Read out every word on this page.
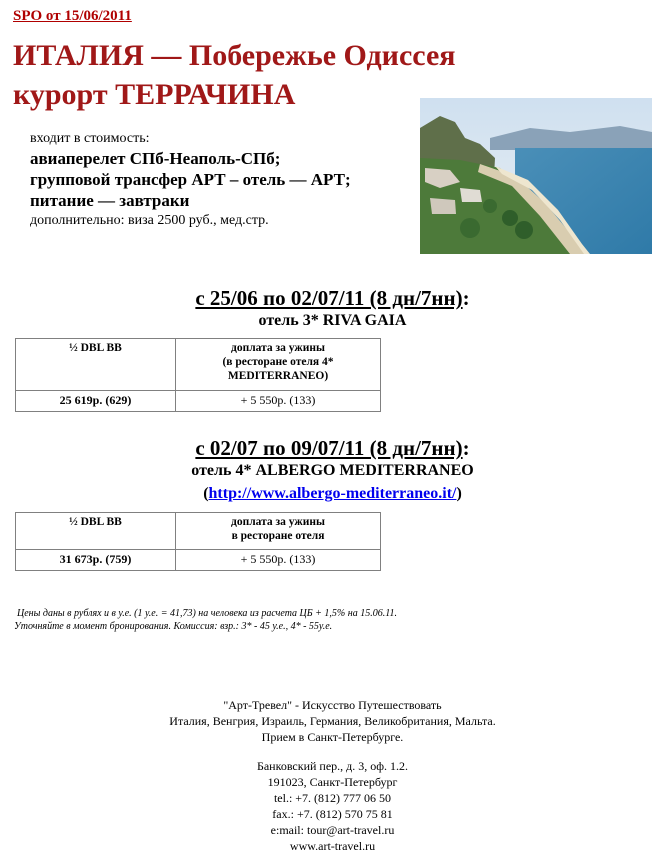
SPO от 15/06/2011
ИТАЛИЯ — Побережье Одиссея
курорт ТЕРРАЧИНА
входит в стоимость:
авиаперелет СПб-Неаполь-СПб;
групповой трансфер АРТ – отель — АРТ;
питание — завтраки
дополнительно: виза 2500 руб., мед.стр.
с 25/06 по 02/07/11 (8 дн/7нн):
отель 3* RIVA GAIA
½ DBL BB	доплата за ужины
(в ресторане отеля 4*
MEDITERRANEO)

25 619р. (629)	+ 5 550р. (133)
с 02/07 по 09/07/11 (8 дн/7нн):
отель 4* ALBERGO MEDITERRANEO
(http://www.albergo-mediterraneo.it/)
½ DBL BB	доплата за ужины
в ресторане отеля

31 673р. (759)	+ 5 550р. (133)
Цены даны в рублях и в у.е. (1 у.е. = 41,73) на человека из расчета ЦБ + 1,5% на 15.06.11.
Уточняйте в момент бронирования. Комиссия: взр.: 3* - 45 у.е., 4* - 55у.е.
"Арт-Тревел" - Искусство Путешествовать
Италия, Венгрия, Израиль, Германия, Великобритания, Мальта.
Прием в Санкт-Петербурге.
Банковский пер., д. 3, оф. 1.2.
191023, Санкт-Петербург
tel.: +7. (812) 777 06 50
fax.: +7. (812) 570 75 81
e:mail: tour@art-travel.ru
www.art-travel.ru
